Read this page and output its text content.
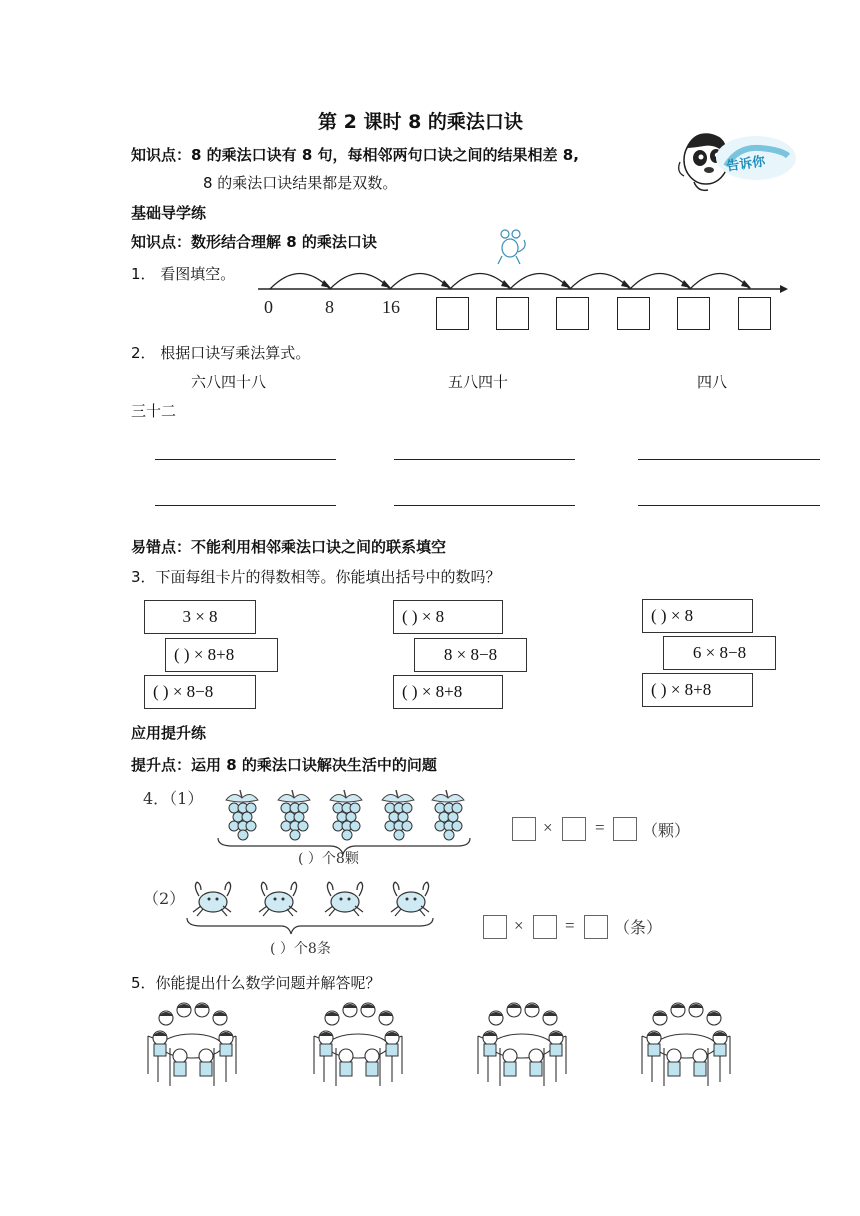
第 2 课时 8 的乘法口诀
知识点：8 的乘法口诀有 8 句，每相邻两句口诀之间的结果相差 8,
8 的乘法口诀结果都是双数。
告诉你
基础导学练
知识点：数形结合理解 8 的乘法口诀
1． 看图填空。
0	8	16
2． 根据口诀写乘法算式。
六八四十八	五八四十	四八
三十二
易错点：不能利用相邻乘法口诀之间的联系填空
3．下面每组卡片的得数相等。你能填出括号中的数吗？
3 × 8
( ) × 8+8
( ) × 8−8
( ) × 8
8 × 8−8
( ) × 8+8
( ) × 8
6 × 8−8
( ) × 8+8
应用提升练
提升点：运用 8 的乘法口诀解决生活中的问题
4．（1）
( ）个8颗
× = （颗）
（2）
( ）个8条
× = （条）
5．你能提出什么数学问题并解答呢？
